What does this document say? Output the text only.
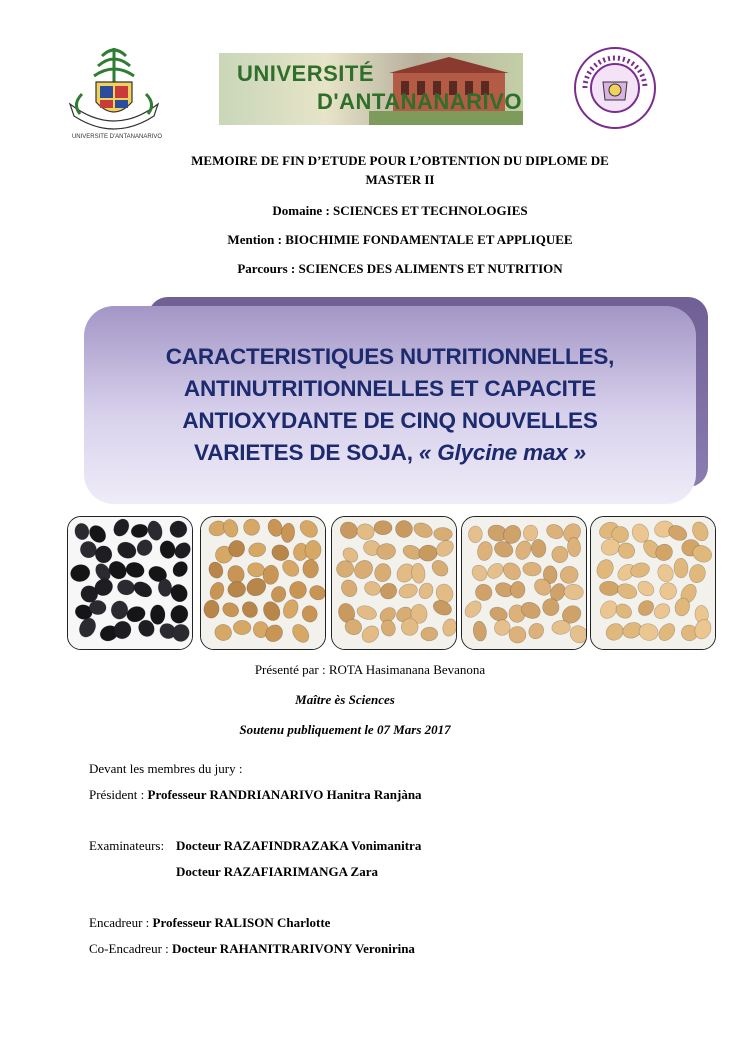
UNIVERSITE D'ANTANANARIVO
UNIVERSITÉ
D'ANTANANARIVO
MEMOIRE DE FIN D’ETUDE POUR L’OBTENTION DU DIPLOME DE
MASTER II
Domaine : SCIENCES ET TECHNOLOGIES
Mention : BIOCHIMIE FONDAMENTALE ET APPLIQUEE
Parcours : SCIENCES DES ALIMENTS ET NUTRITION
CARACTERISTIQUES NUTRITIONNELLES,
ANTINUTRITIONNELLES ET CAPACITE
ANTIOXYDANTE DE CINQ NOUVELLES
VARIETES DE SOJA, « Glycine max »
Présenté par : ROTA Hasimanana Bevanona
Maître ès Sciences
Soutenu publiquement le 07 Mars 2017
Devant les membres du jury :
Président : Professeur RANDRIANARIVO Hanitra Ranjàna
Examinateurs: Docteur RAZAFINDRAZAKA Vonimanitra
Docteur RAZAFIARIMANGA Zara
Encadreur : Professeur RALISON Charlotte
Co-Encadreur : Docteur RAHANITRARIVONY Veronirina
